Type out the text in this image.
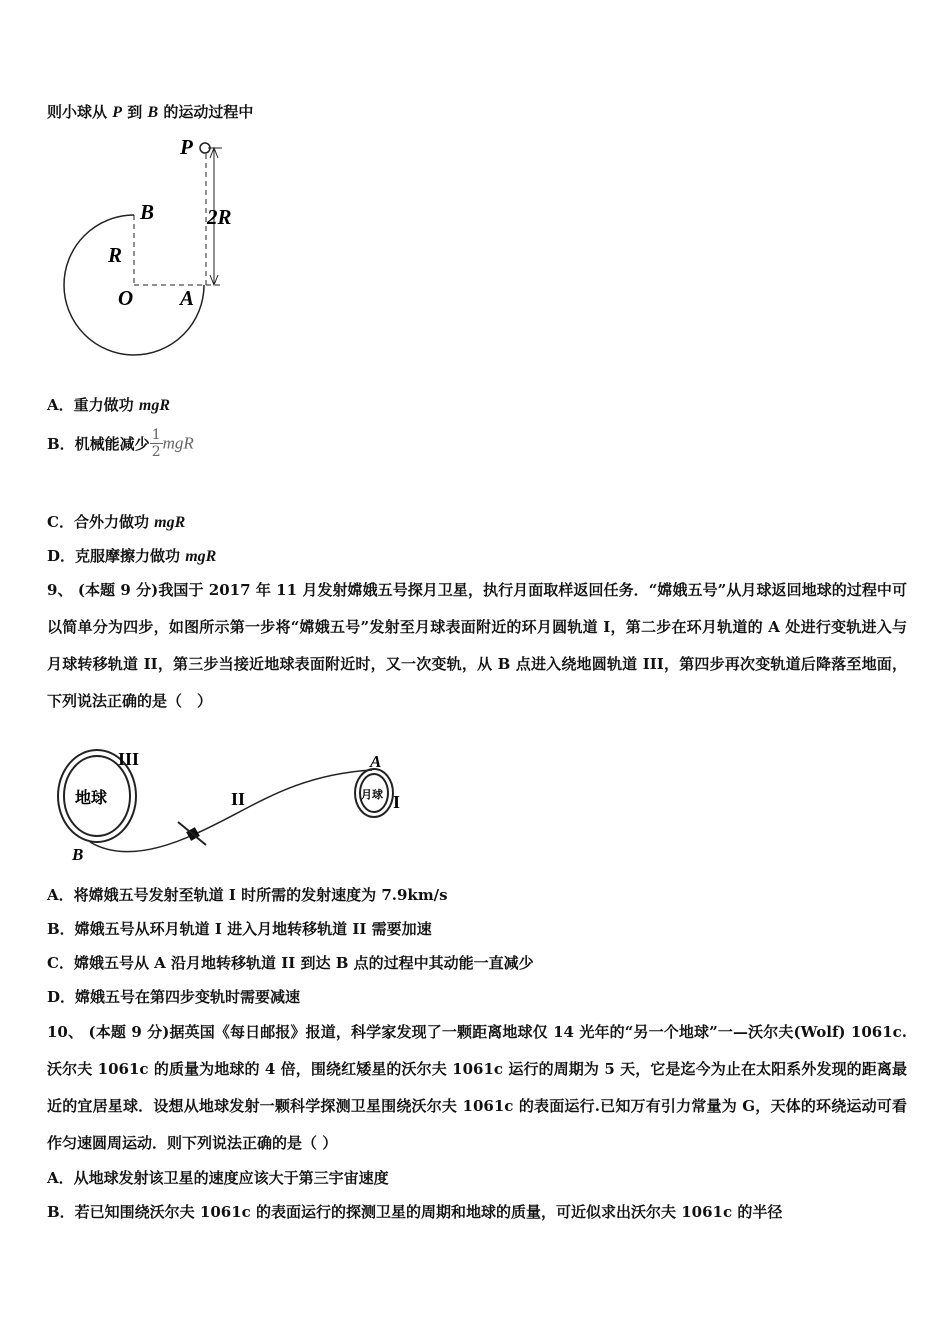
则小球从 P 到 B 的运动过程中
P
B
R
O A
2R
A．重力做功 mgR
B．机械能减少 $\frac{1}{2}$ mgR
C．合外力做功 mgR
D．克服摩擦力做功 mgR
9、 (本题 9 分)我国于 2017 年 11 月发射嫦娥五号探月卫星，执行月面取样返回任务．“嫦娥五号”从月球返回地球的过程中可以简单分为四步，如图所示第一步将“嫦娥五号”发射至月球表面附近的环月圆轨道 I，第二步在环月轨道的 A 处进行变轨进入与月球转移轨道 II，第三步当接近地球表面附近时，又一次变轨，从 B 点进入绕地圆轨道 III，第四步再次变轨道后降落至地面，下列说法正确的是（　）
地球	月球
III
II	I
A
B
A．将嫦娥五号发射至轨道 I 时所需的发射速度为 7.9km/s
B．嫦娥五号从环月轨道 I 进入月地转移轨道 II 需要加速
C．嫦娥五号从 A 沿月地转移轨道 II 到达 B 点的过程中其动能一直减少
D．嫦娥五号在第四步变轨时需要减速
10、 (本题 9 分)据英国《每日邮报》报道，科学家发现了一颗距离地球仅 14 光年的“另一个地球”一—沃尔夫(Wolf) 1061c.沃尔夫 1061c 的质量为地球的 4 倍，围绕红矮星的沃尔夫 1061c 运行的周期为 5 天，它是迄今为止在太阳系外发现的距离最近的宜居星球．设想从地球发射一颗科学探测卫星围绕沃尔夫 1061c 的表面运行.已知万有引力常量为 G，天体的环绕运动可看作匀速圆周运动．则下列说法正确的是（ ）
A．从地球发射该卫星的速度应该大于第三宇宙速度
B．若已知围绕沃尔夫 1061c 的表面运行的探测卫星的周期和地球的质量，可近似求出沃尔夫 1061c 的半径
